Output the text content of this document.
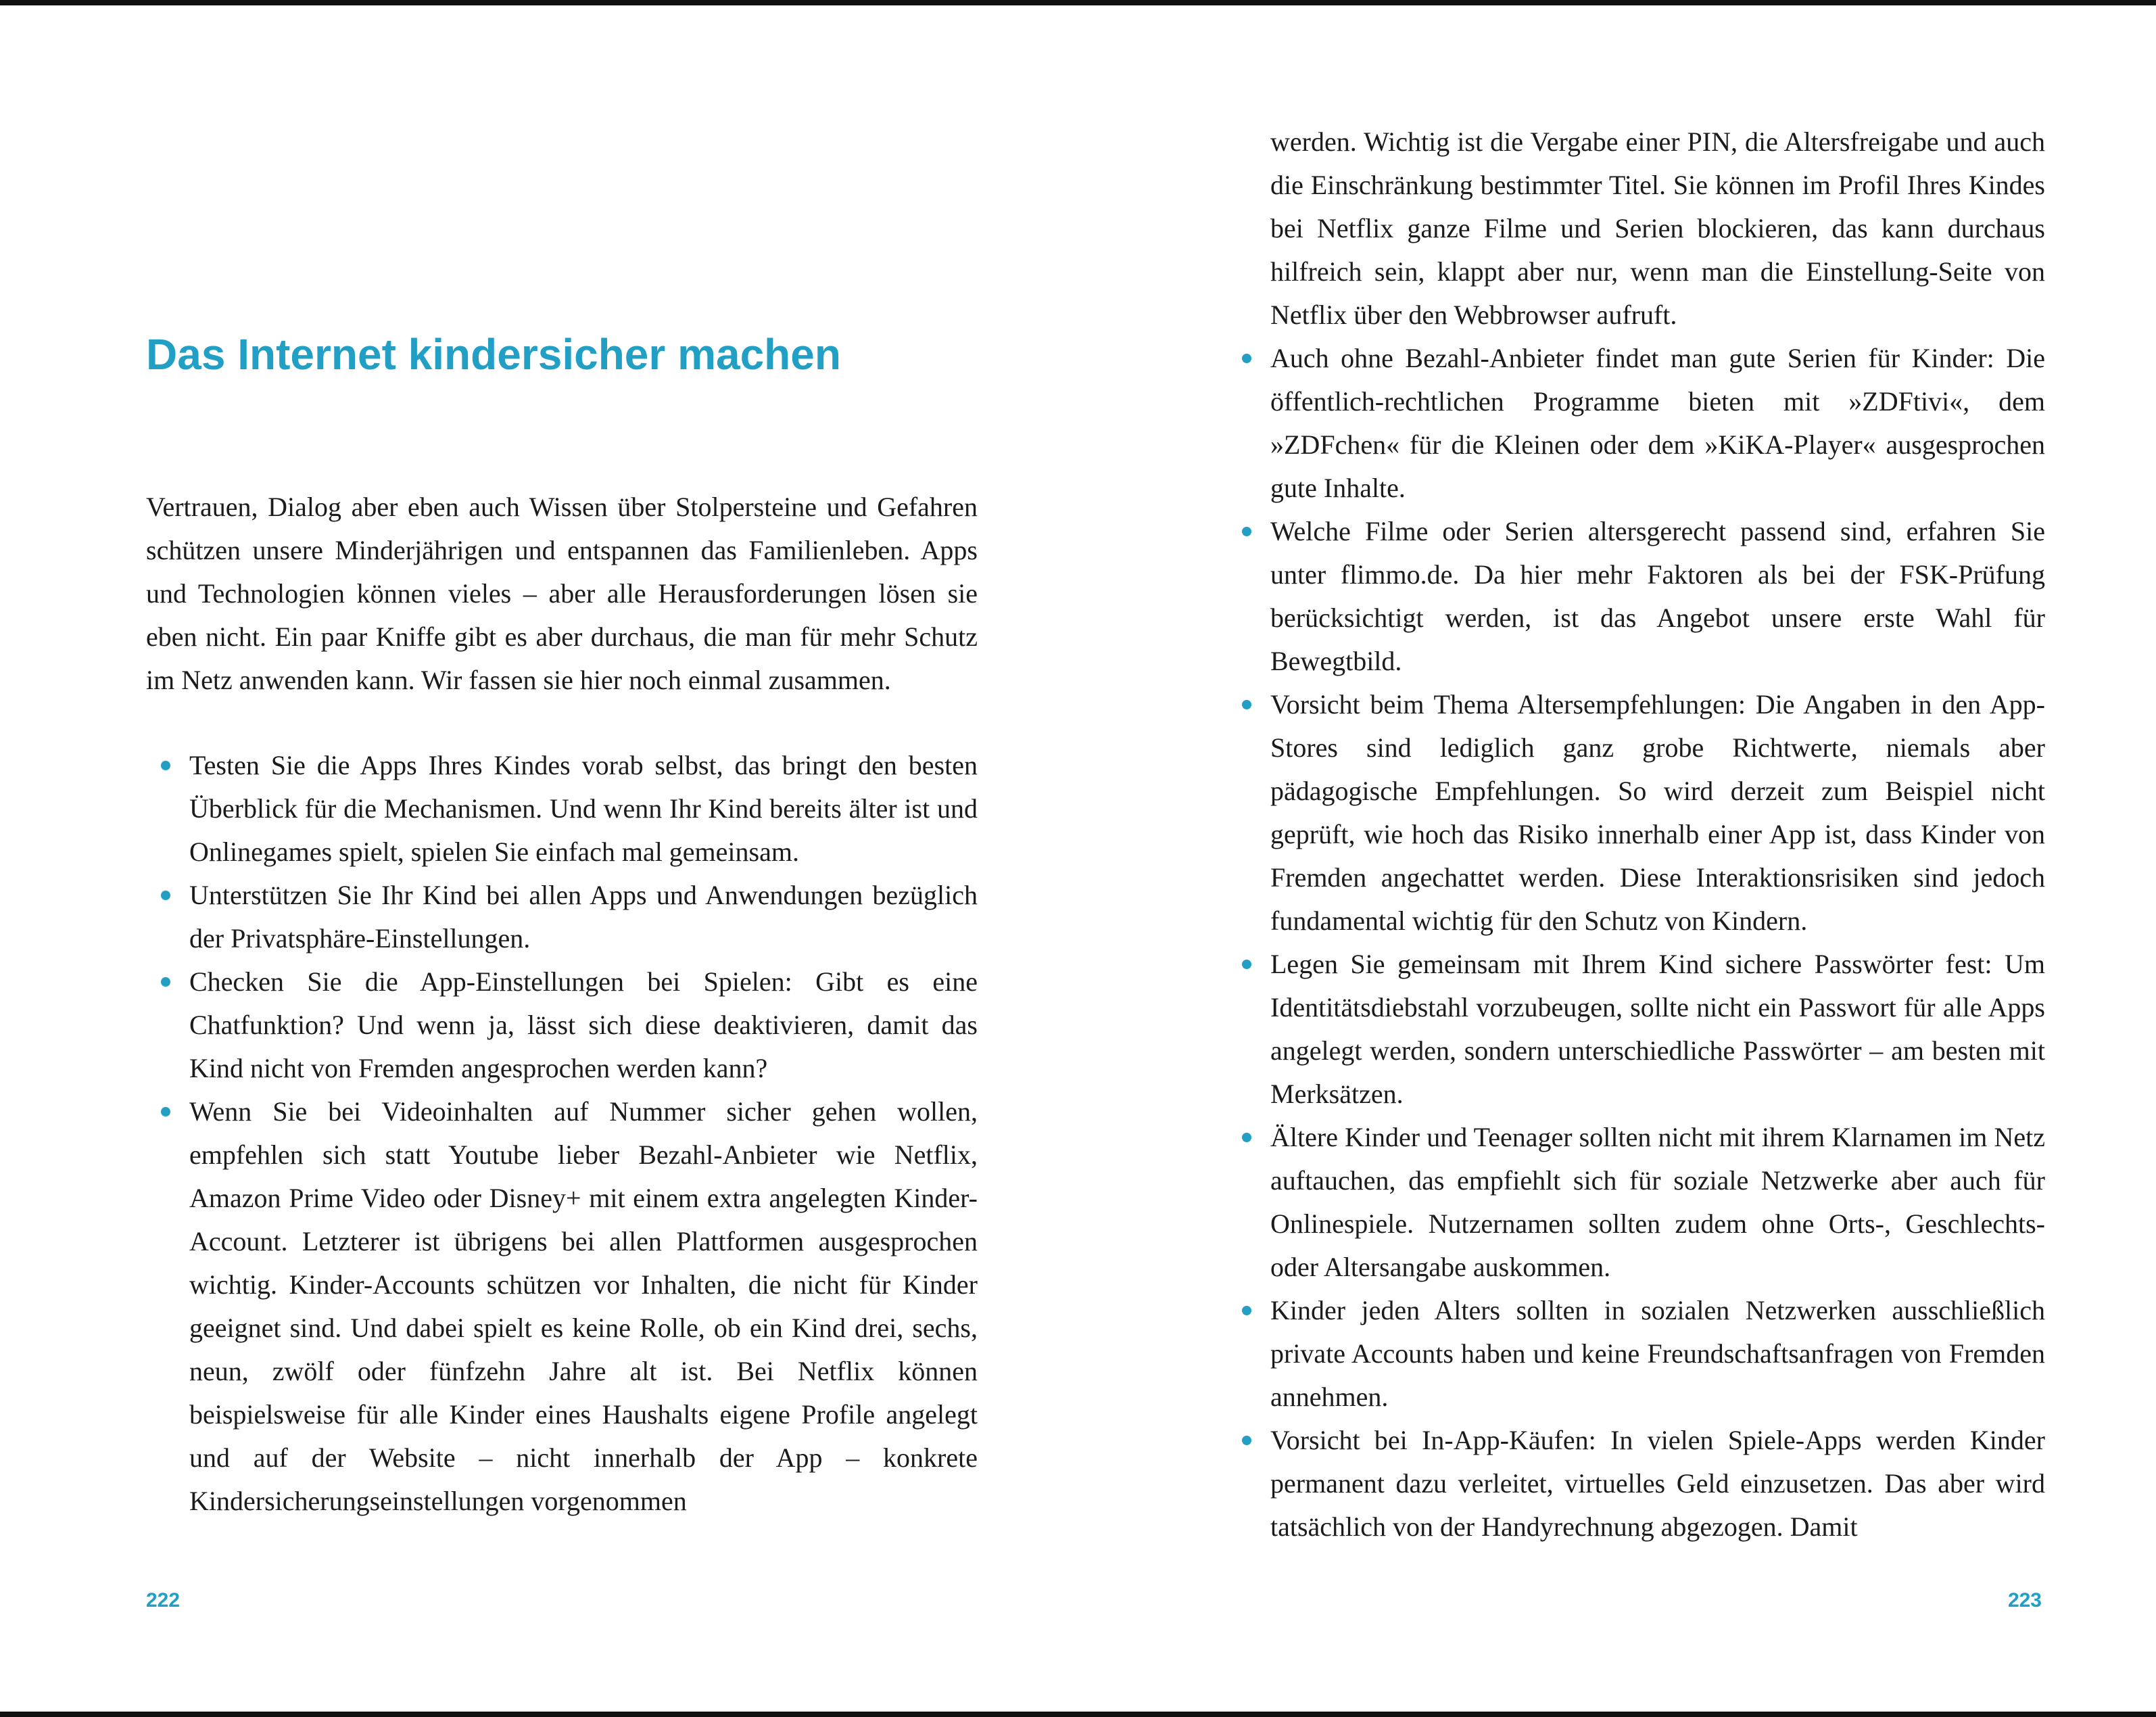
Das Internet kindersicher machen

Vertrauen, Dialog aber eben auch Wissen über Stolpersteine und Gefahren schützen unsere Minderjährigen und entspannen das Familienleben. Apps und Technologien können vieles – aber alle Herausforderungen lösen sie eben nicht. Ein paar Kniffe gibt es aber durchaus, die man für mehr Schutz im Netz anwenden kann. Wir fassen sie hier noch einmal zusammen.

Testen Sie die Apps Ihres Kindes vorab selbst, das bringt den besten Überblick für die Mechanismen. Und wenn Ihr Kind bereits älter ist und Onlinegames spielt, spielen Sie einfach mal gemeinsam.
Unterstützen Sie Ihr Kind bei allen Apps und Anwendungen bezüglich der Privatsphäre-Einstellungen.
Checken Sie die App-Einstellungen bei Spielen: Gibt es eine Chatfunktion? Und wenn ja, lässt sich diese deaktivieren, damit das Kind nicht von Fremden angesprochen werden kann?
Wenn Sie bei Videoinhalten auf Nummer sicher gehen wollen, empfehlen sich statt Youtube lieber Bezahl-Anbieter wie Netflix, Amazon Prime Video oder Disney+ mit einem extra angelegten Kinder-Account. Letzterer ist übrigens bei allen Plattformen ausgesprochen wichtig. Kinder-Accounts schützen vor Inhalten, die nicht für Kinder geeignet sind. Und dabei spielt es keine Rolle, ob ein Kind drei, sechs, neun, zwölf oder fünfzehn Jahre alt ist. Bei Netflix können beispielsweise für alle Kinder eines Haushalts eigene Profile angelegt und auf der Website – nicht innerhalb der App – konkrete Kindersicherungseinstellungen vorgenommen

werden. Wichtig ist die Vergabe einer PIN, die Altersfreigabe und auch die Einschränkung bestimmter Titel. Sie können im Profil Ihres Kindes bei Netflix ganze Filme und Serien blockieren, das kann durchaus hilfreich sein, klappt aber nur, wenn man die Einstellung-Seite von Netflix über den Webbrowser aufruft.

Auch ohne Bezahl-Anbieter findet man gute Serien für Kinder: Die öffentlich-rechtlichen Programme bieten mit »ZDFtivi«, dem »ZDFchen« für die Kleinen oder dem »KiKA-Player« ausgesprochen gute Inhalte.
Welche Filme oder Serien altersgerecht passend sind, erfahren Sie unter flimmo.de. Da hier mehr Faktoren als bei der FSK-Prüfung berücksichtigt werden, ist das Angebot unsere erste Wahl für Bewegtbild.
Vorsicht beim Thema Altersempfehlungen: Die Angaben in den App-Stores sind lediglich ganz grobe Richtwerte, niemals aber pädagogische Empfehlungen. So wird derzeit zum Beispiel nicht geprüft, wie hoch das Risiko innerhalb einer App ist, dass Kinder von Fremden angechattet werden. Diese Interaktionsrisiken sind jedoch fundamental wichtig für den Schutz von Kindern.
Legen Sie gemeinsam mit Ihrem Kind sichere Passwörter fest: Um Identitätsdiebstahl vorzubeugen, sollte nicht ein Passwort für alle Apps angelegt werden, sondern unterschiedliche Passwörter – am besten mit Merksätzen.
Ältere Kinder und Teenager sollten nicht mit ihrem Klarnamen im Netz auftauchen, das empfiehlt sich für soziale Netzwerke aber auch für Onlinespiele. Nutzernamen sollten zudem ohne Orts-, Geschlechts- oder Altersangabe auskommen.
Kinder jeden Alters sollten in sozialen Netzwerken ausschließlich private Accounts haben und keine Freundschaftsanfragen von Fremden annehmen.
Vorsicht bei In-App-Käufen: In vielen Spiele-Apps werden Kinder permanent dazu verleitet, virtuelles Geld einzusetzen. Das aber wird tatsächlich von der Handyrechnung abgezogen. Damit
222	223
